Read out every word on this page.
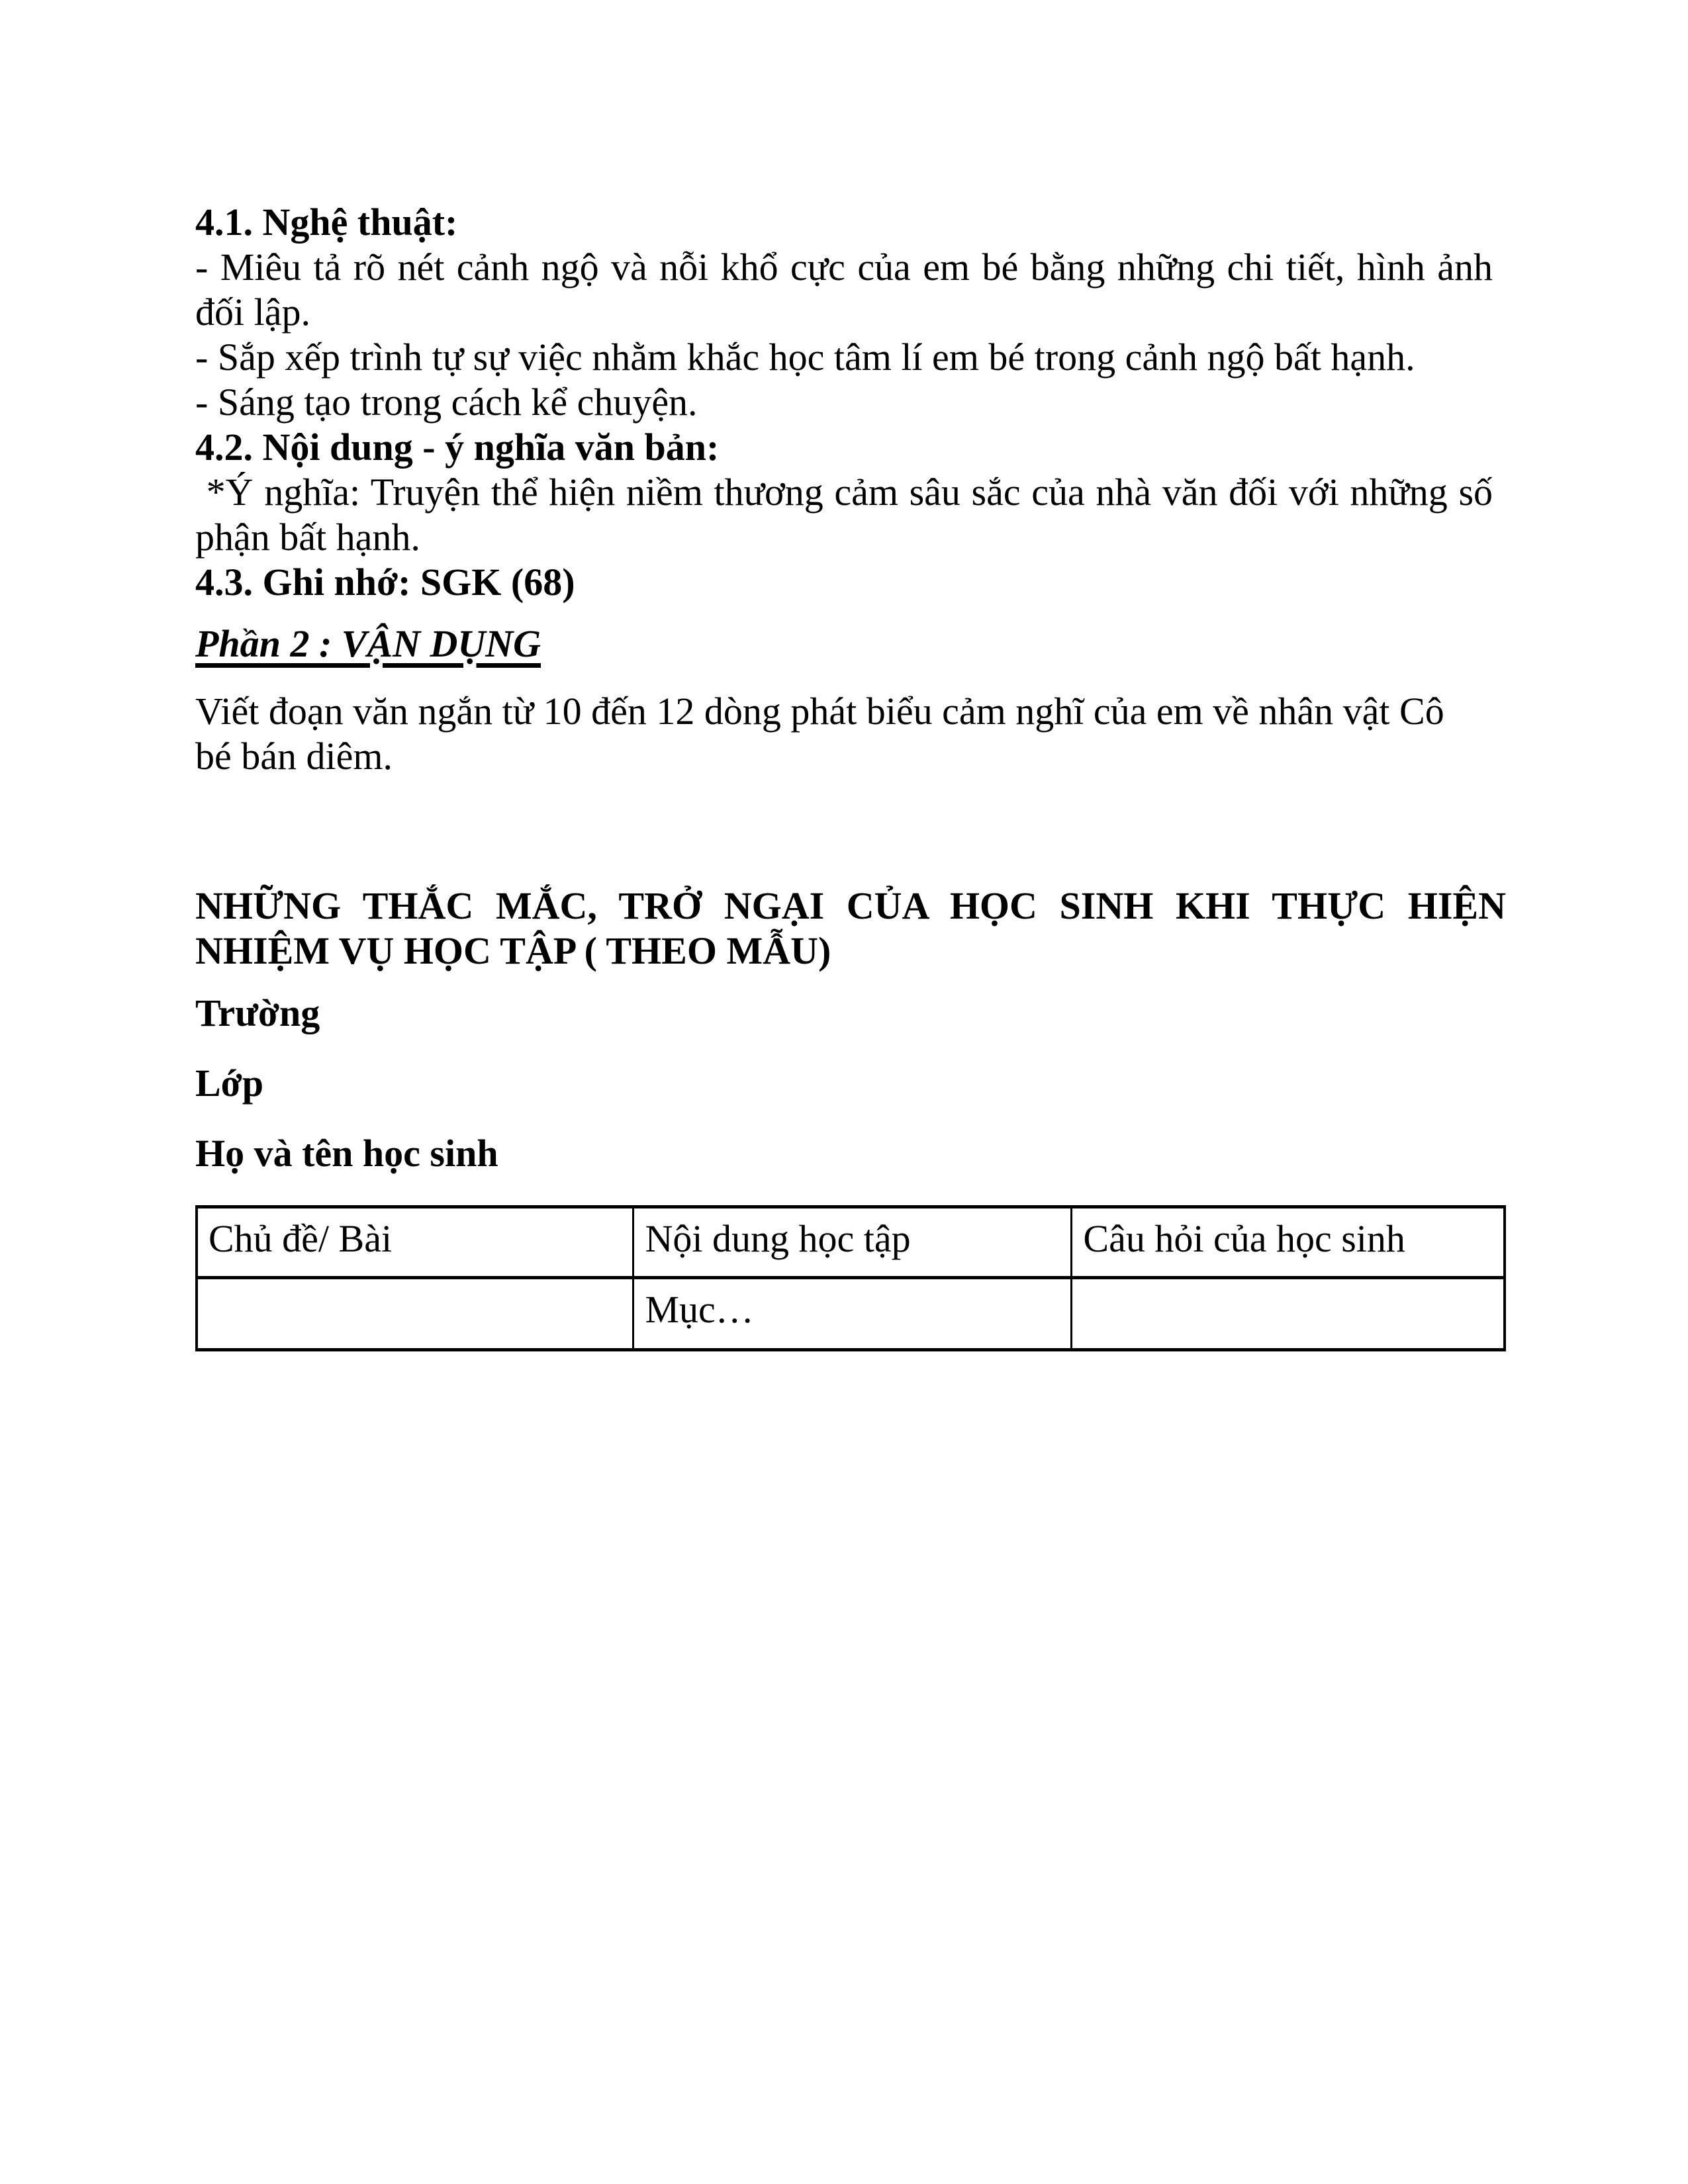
4.1. Nghệ thuật:
- Miêu tả rõ nét cảnh ngộ và nỗi khổ cực của em bé bằng những chi tiết, hình ảnh
đối lập.
- Sắp xếp trình tự sự việc nhằm khắc học tâm lí em bé trong cảnh ngộ bất hạnh.
- Sáng tạo trong cách kể chuyện.
4.2. Nội dung - ý nghĩa văn bản:
*Ý nghĩa: Truyện thể hiện niềm thương cảm sâu sắc của nhà văn đối với những số
phận bất hạnh.
4.3. Ghi nhớ: SGK (68)
Phần 2 : VẬN DỤNG
Viết đoạn văn ngắn từ 10 đến 12 dòng phát biểu cảm nghĩ của em về nhân vật Cô
bé bán diêm.
NHỮNG THẮC MẮC, TRỞ NGẠI CỦA HỌC SINH KHI THỰC HIỆN
NHIỆM VỤ HỌC TẬP ( THEO MẪU)
Trường
Lớp
Họ và tên học sinh
Chủ đề/ Bài	Nội dung học tập	Câu hỏi của học sinh
	Mục…	
